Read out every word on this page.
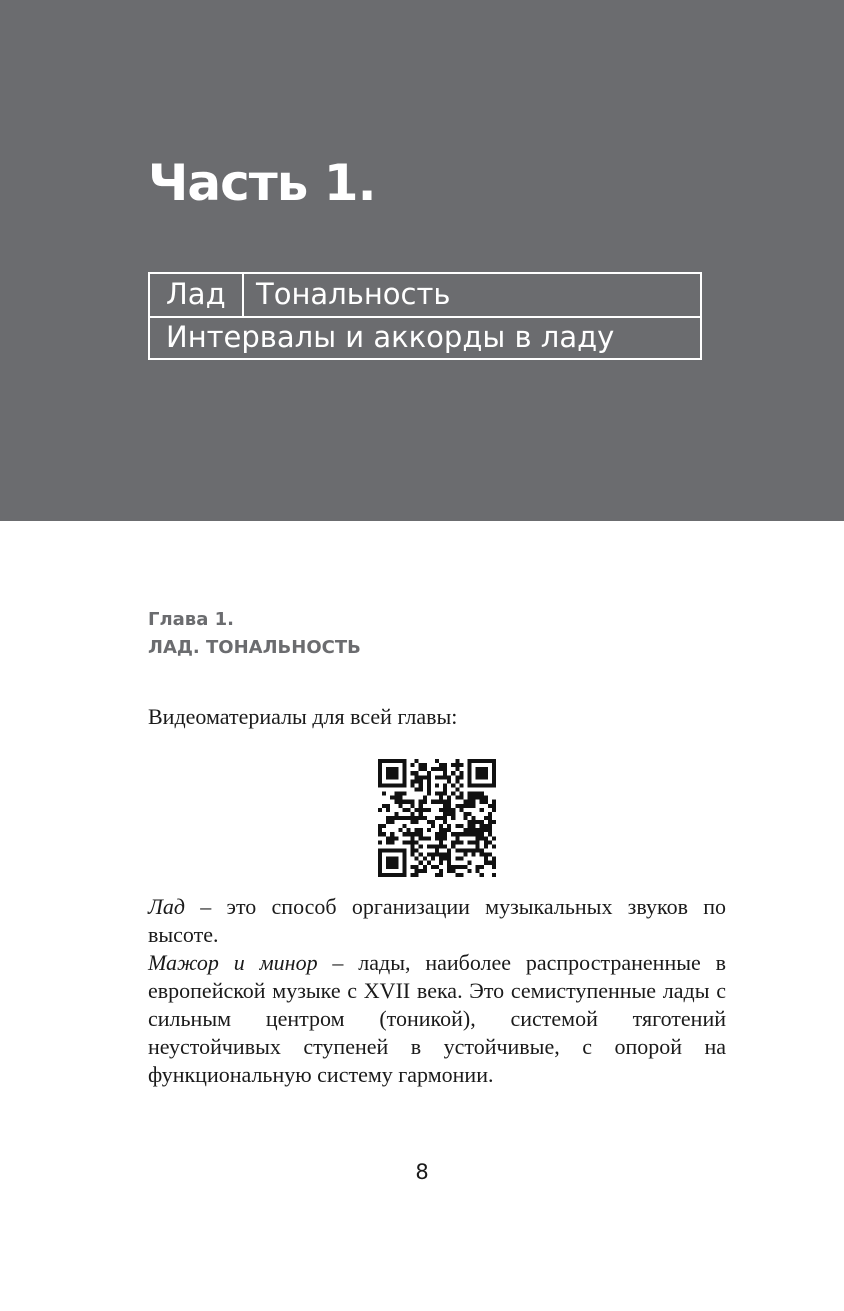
Часть 1.
Лад Тональность
Интервалы и аккорды в ладу
Глава 1.
ЛАД. ТОНАЛЬНОСТЬ
Видеоматериалы для всей главы:

Лад – это способ организации музыкальных звуков по высоте.

Мажор и минор – лады, наиболее распространенные в европейской музыке с XVII века. Это семиступенные лады с сильным центром (тоникой), системой тяготений неустойчивых ступеней в устойчивые, с опорой на функциональную систему гармонии.

8
